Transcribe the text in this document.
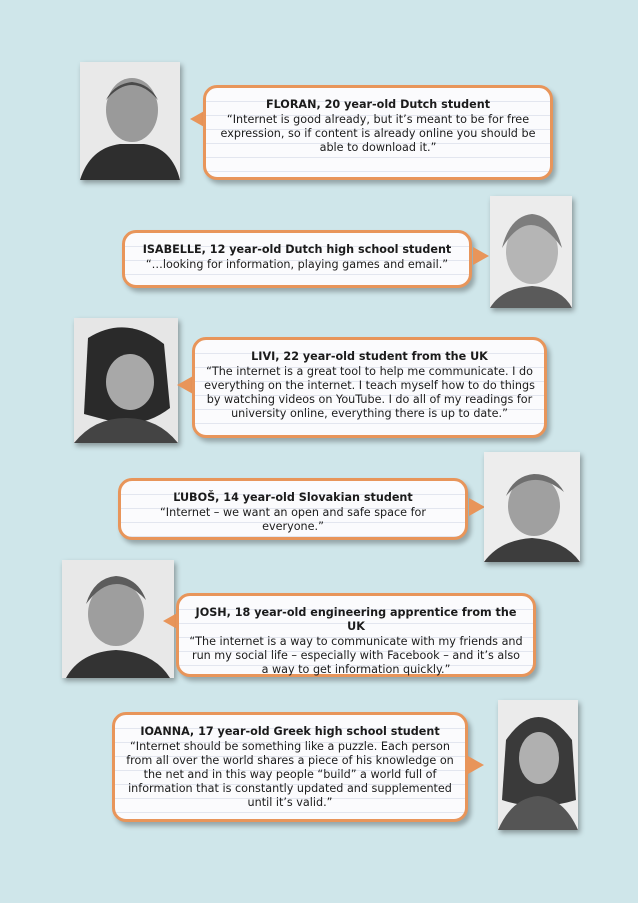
FLORAN, 20 year-old Dutch student
“Internet is good already, but it’s meant to be for free expression, so if content is already online you should be able to download it.”
ISABELLE, 12 year-old Dutch high school student
“…looking for information, playing games and email.”
LIVI, 22 year-old student from the UK
“The internet is a great tool to help me communicate. I do everything on the internet. I teach myself how to do things by watching videos on YouTube. I do all of my readings for university online, everything there is up to date.”
ĽUBOŠ, 14 year-old Slovakian student
“Internet – we want an open and safe space for everyone.”
JOSH, 18 year-old engineering apprentice from the UK
“The internet is a way to communicate with my friends and run my social life – especially with Facebook – and it’s also a way to get information quickly.”
IOANNA, 17 year-old Greek high school student
“Internet should be something like a puzzle. Each person from all over the world shares a piece of his knowledge on the net and in this way people “build” a world full of information that is constantly updated and supplemented until it’s valid.”
